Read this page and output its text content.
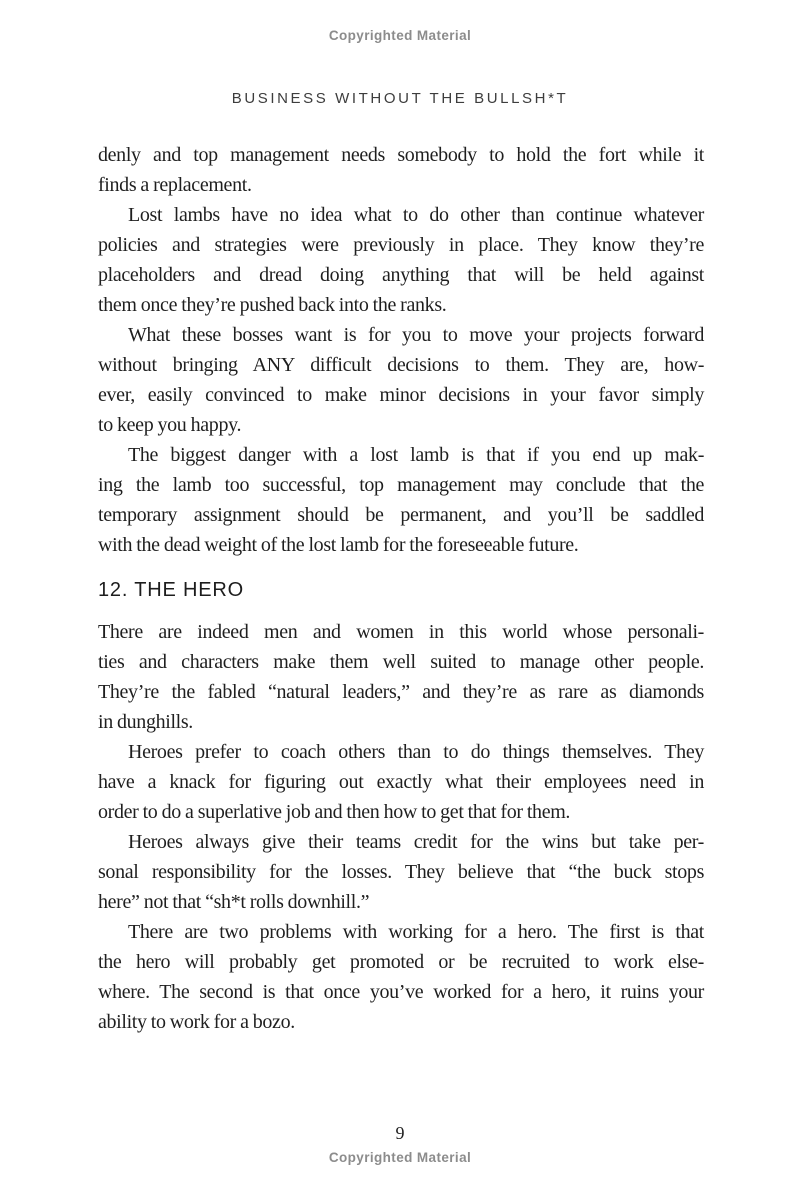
Copyrighted Material
BUSINESS WITHOUT THE BULLSH*T
denly and top management needs somebody to hold the fort while it
finds a replacement.
Lost lambs have no idea what to do other than continue whatever
policies and strategies were previously in place. They know they’re
placeholders and dread doing anything that will be held against
them once they’re pushed back into the ranks.
What these bosses want is for you to move your projects forward
without bringing ANY difficult decisions to them. They are, how-
ever, easily convinced to make minor decisions in your favor simply
to keep you happy.
The biggest danger with a lost lamb is that if you end up mak-
ing the lamb too successful, top management may conclude that the
temporary assignment should be permanent, and you’ll be saddled
with the dead weight of the lost lamb for the foreseeable future.
12. THE HERO
There are indeed men and women in this world whose personali-
ties and characters make them well suited to manage other people.
They’re the fabled “natural leaders,” and they’re as rare as diamonds
in dunghills.
Heroes prefer to coach others than to do things themselves. They
have a knack for figuring out exactly what their employees need in
order to do a superlative job and then how to get that for them.
Heroes always give their teams credit for the wins but take per-
sonal responsibility for the losses. They believe that “the buck stops
here” not that “sh*t rolls downhill.”
There are two problems with working for a hero. The first is that
the hero will probably get promoted or be recruited to work else-
where. The second is that once you’ve worked for a hero, it ruins your
ability to work for a bozo.
9
Copyrighted Material
